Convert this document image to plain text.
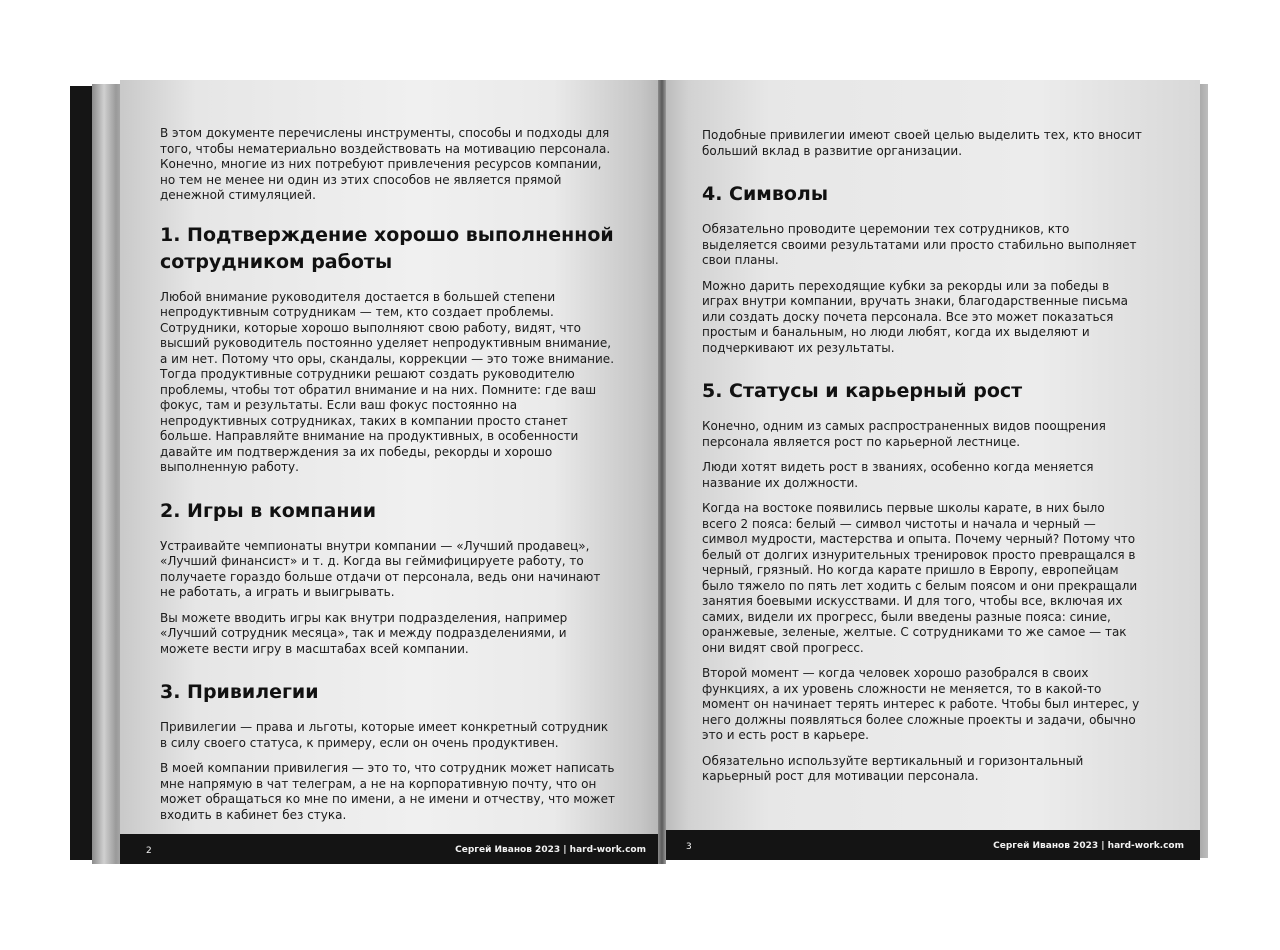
В этом документе перечислены инструменты, способы и подходы для того, чтобы нематериально воздействовать на мотивацию персонала. Конечно, многие из них потребуют привлечения ресурсов компании, но тем не менее ни один из этих способов не является прямой денежной стимуляцией.

1. Подтверждение хорошо выполненной сотрудником работы

Любой внимание руководителя достается в большей степени непродуктивным сотрудникам — тем, кто создает проблемы. Сотрудники, которые хорошо выполняют свою работу, видят, что высший руководитель постоянно уделяет непродуктивным внимание, а им нет. Потому что оры, скандалы, коррекции — это тоже внимание. Тогда продуктивные сотрудники решают создать руководителю проблемы, чтобы тот обратил внимание и на них. Помните: где ваш фокус, там и результаты. Если ваш фокус постоянно на непродуктивных сотрудниках, таких в компании просто станет больше. Направляйте внимание на продуктивных, в особенности давайте им подтверждения за их победы, рекорды и хорошо выполненную работу.

2. Игры в компании

Устраивайте чемпионаты внутри компании — «Лучший продавец», «Лучший финансист» и т. д. Когда вы геймифицируете работу, то получаете гораздо больше отдачи от персонала, ведь они начинают не работать, а играть и выигрывать.

Вы можете вводить игры как внутри подразделения, например «Лучший сотрудник месяца», так и между подразделениями, и можете вести игру в масштабах всей компании.

3. Привилегии

Привилегии — права и льготы, которые имеет конкретный сотрудник в силу своего статуса, к примеру, если он очень продуктивен.

В моей компании привилегия — это то, что сотрудник может написать мне напрямую в чат телеграм, а не на корпоративную почту, что он может обращаться ко мне по имени, а не имени и отчеству, что может входить в кабинет без стука.

2	Сергей Иванов 2023 | hard-work.com

Подобные привилегии имеют своей целью выделить тех, кто вносит больший вклад в развитие организации.

4. Символы

Обязательно проводите церемонии тех сотрудников, кто выделяется своими результатами или просто стабильно выполняет свои планы.

Можно дарить переходящие кубки за рекорды или за победы в играх внутри компании, вручать знаки, благодарственные письма или создать доску почета персонала. Все это может показаться простым и банальным, но люди любят, когда их выделяют и подчеркивают их результаты.

5. Статусы и карьерный рост

Конечно, одним из самых распространенных видов поощрения персонала является рост по карьерной лестнице.

Люди хотят видеть рост в званиях, особенно когда меняется название их должности.

Когда на востоке появились первые школы карате, в них было всего 2 пояса: белый — символ чистоты и начала и черный — символ мудрости, мастерства и опыта. Почему черный? Потому что белый от долгих изнурительных тренировок просто превращался в черный, грязный. Но когда карате пришло в Европу, европейцам было тяжело по пять лет ходить с белым поясом и они прекращали занятия боевыми искусствами. И для того, чтобы все, включая их самих, видели их прогресс, были введены разные пояса: синие, оранжевые, зеленые, желтые. С сотрудниками то же самое — так они видят свой прогресс.

Второй момент — когда человек хорошо разобрался в своих функциях, а их уровень сложности не меняется, то в какой-то момент он начинает терять интерес к работе. Чтобы был интерес, у него должны появляться более сложные проекты и задачи, обычно это и есть рост в карьере.

Обязательно используйте вертикальный и горизонтальный карьерный рост для мотивации персонала.

3	Сергей Иванов 2023 | hard-work.com
